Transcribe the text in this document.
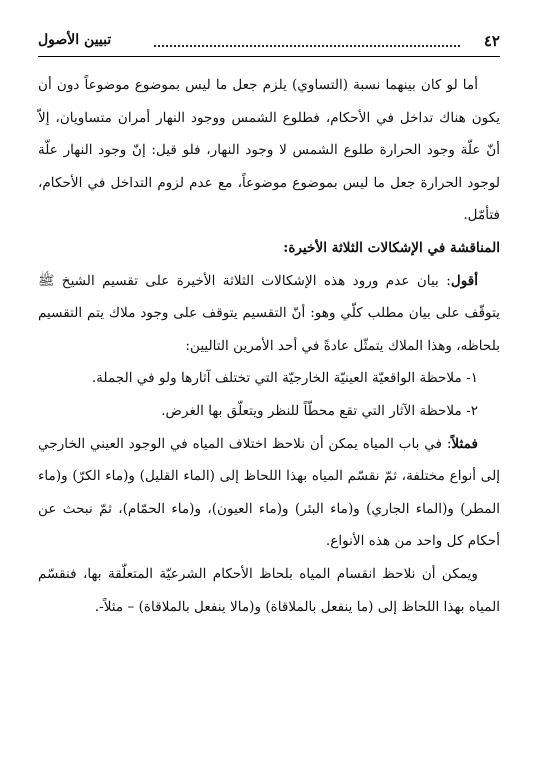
٤٢
تبيين الأصول

أما لو كان بينهما نسبة (التساوي) يلزم جعل ما ليس بموضوع موضوعاً دون أن يكون هناك تداخل في الأحكام، فطلوع الشمس ووجود النهار أمران متساويان، إلاّ أنّ علّة وجود الحرارة طلوع الشمس لا وجود النهار، فلو قيل: إنّ وجود النهار علّة لوجود الحرارة جعل ما ليس بموضوع موضوعاً، مع عدم لزوم التداخل في الأحكام، فتأمّل.

المناقشة في الإشكالات الثلاثة الأخيرة:

أقول: بيان عدم ورود هذه الإشكالات الثلاثة الأخيرة على تقسيم الشيخ ﷺ يتوقّف على بيان مطلب كلّي وهو: أنّ التقسيم يتوقف على وجود ملاك يتم التقسيم بلحاظه، وهذا الملاك يتمثّل عادةً في أحد الأمرين التاليين:

١- ملاحظة الواقعيّة العينيّة الخارجيّة التي تختلف آثارها ولو في الجملة.

٢- ملاحظة الآثار التي تقع محطّاً للنظر ويتعلّق بها الغرض.

فمثلاً: في باب المياه يمكن أن نلاحظ اختلاف المياه في الوجود العيني الخارجي إلى أنواع مختلفة، ثمّ نقسّم المياه بهذا اللحاظ إلى (الماء القليل) و(ماء الكرّ) و(ماء المطر) و(الماء الجاري) و(ماء البئر) و(ماء العيون)، و(ماء الحمّام)، ثمّ نبحث عن أحكام كل واحد من هذه الأنواع.

ويمكن أن نلاحظ انقسام المياه بلحاظ الأحكام الشرعيّة المتعلّقة بها، فنقسّم المياه بهذا اللحاظ إلى (ما ينفعل بالملاقاة) و(مالا ينفعل بالملاقاة) – مثلاً-.
